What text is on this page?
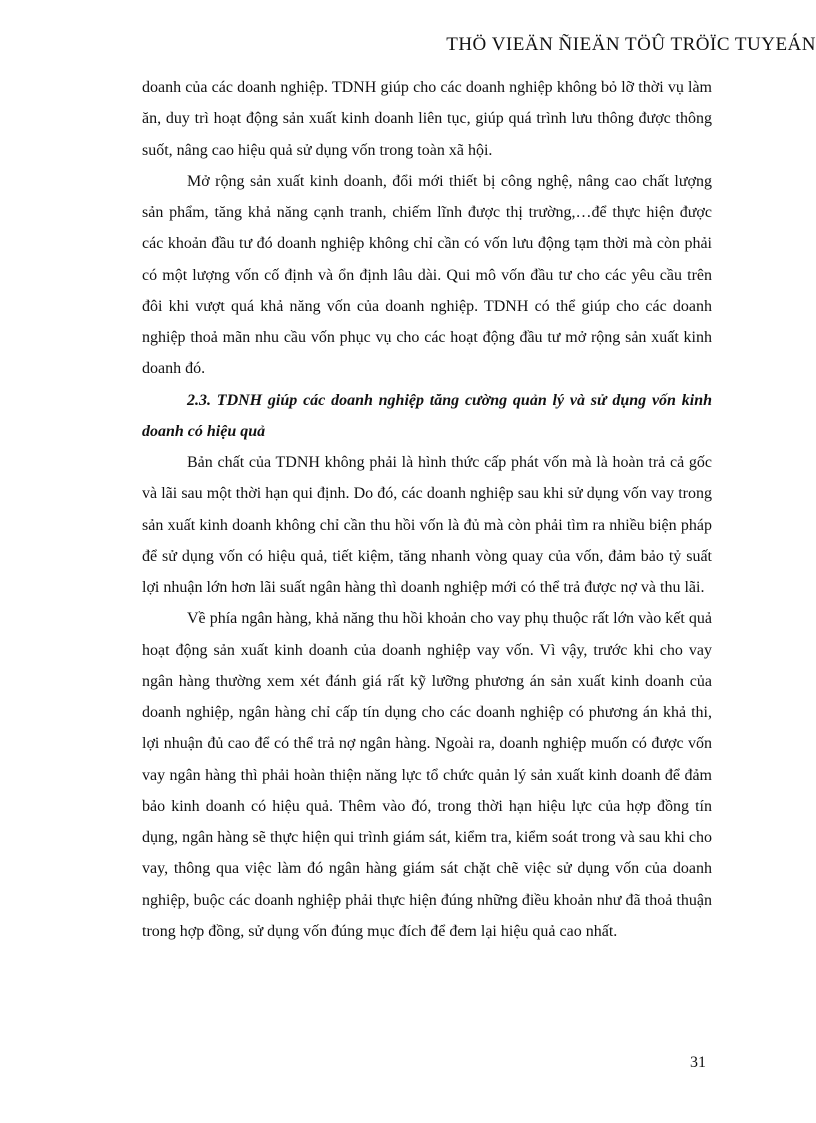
THÖ VIEÄN ÑIEÄN TÖÛ TRÖÏC TUYEÁN

doanh của các doanh nghiệp. TDNH giúp cho các doanh nghiệp không bỏ lỡ thời vụ làm ăn, duy trì hoạt động sản xuất kinh doanh liên tục, giúp quá trình lưu thông được thông suốt, nâng cao hiệu quả sử dụng vốn trong toàn xã hội.

Mở rộng sản xuất kinh doanh, đổi mới thiết bị công nghệ, nâng cao chất lượng sản phẩm, tăng khả năng cạnh tranh, chiếm lĩnh được thị trường,…để thực hiện được các khoản đầu tư đó doanh nghiệp không chỉ cần có vốn lưu động tạm thời mà còn phải có một lượng vốn cố định và ổn định lâu dài. Qui mô vốn đầu tư cho các yêu cầu trên đôi khi vượt quá khả năng vốn của doanh nghiệp. TDNH có thể giúp cho các doanh nghiệp thoả mãn nhu cầu vốn phục vụ cho các hoạt động đầu tư mở rộng sản xuất kinh doanh đó.

2.3. TDNH giúp các doanh nghiệp tăng cường quản lý và sử dụng vốn kinh doanh có hiệu quả

Bản chất của TDNH không phải là hình thức cấp phát vốn mà là hoàn trả cả gốc và lãi sau một thời hạn qui định. Do đó, các doanh nghiệp sau khi sử dụng vốn vay trong sản xuất kinh doanh không chỉ cần thu hồi vốn là đủ mà còn phải tìm ra nhiều biện pháp để sử dụng vốn có hiệu quả, tiết kiệm, tăng nhanh vòng quay của vốn, đảm bảo tỷ suất lợi nhuận lớn hơn lãi suất ngân hàng thì doanh nghiệp mới có thể trả được nợ và thu lãi.

Về phía ngân hàng, khả năng thu hồi khoản cho vay phụ thuộc rất lớn vào kết quả hoạt động sản xuất kinh doanh của doanh nghiệp vay vốn. Vì vậy, trước khi cho vay ngân hàng thường xem xét đánh giá rất kỹ lưỡng phương án sản xuất kinh doanh của doanh nghiệp, ngân hàng chỉ cấp tín dụng cho các doanh nghiệp có phương án khả thi, lợi nhuận đủ cao để có thể trả nợ ngân hàng. Ngoài ra, doanh nghiệp muốn có được vốn vay ngân hàng thì phải hoàn thiện năng lực tổ chức quản lý sản xuất kinh doanh để đảm bảo kinh doanh có hiệu quả. Thêm vào đó, trong thời hạn hiệu lực của hợp đồng tín dụng, ngân hàng sẽ thực hiện qui trình giám sát, kiểm tra, kiểm soát trong và sau khi cho vay, thông qua việc làm đó ngân hàng giám sát chặt chẽ việc sử dụng vốn của doanh nghiệp, buộc các doanh nghiệp phải thực hiện đúng những điều khoản như đã thoả thuận trong hợp đồng, sử dụng vốn đúng mục đích để đem lại hiệu quả cao nhất.

31
